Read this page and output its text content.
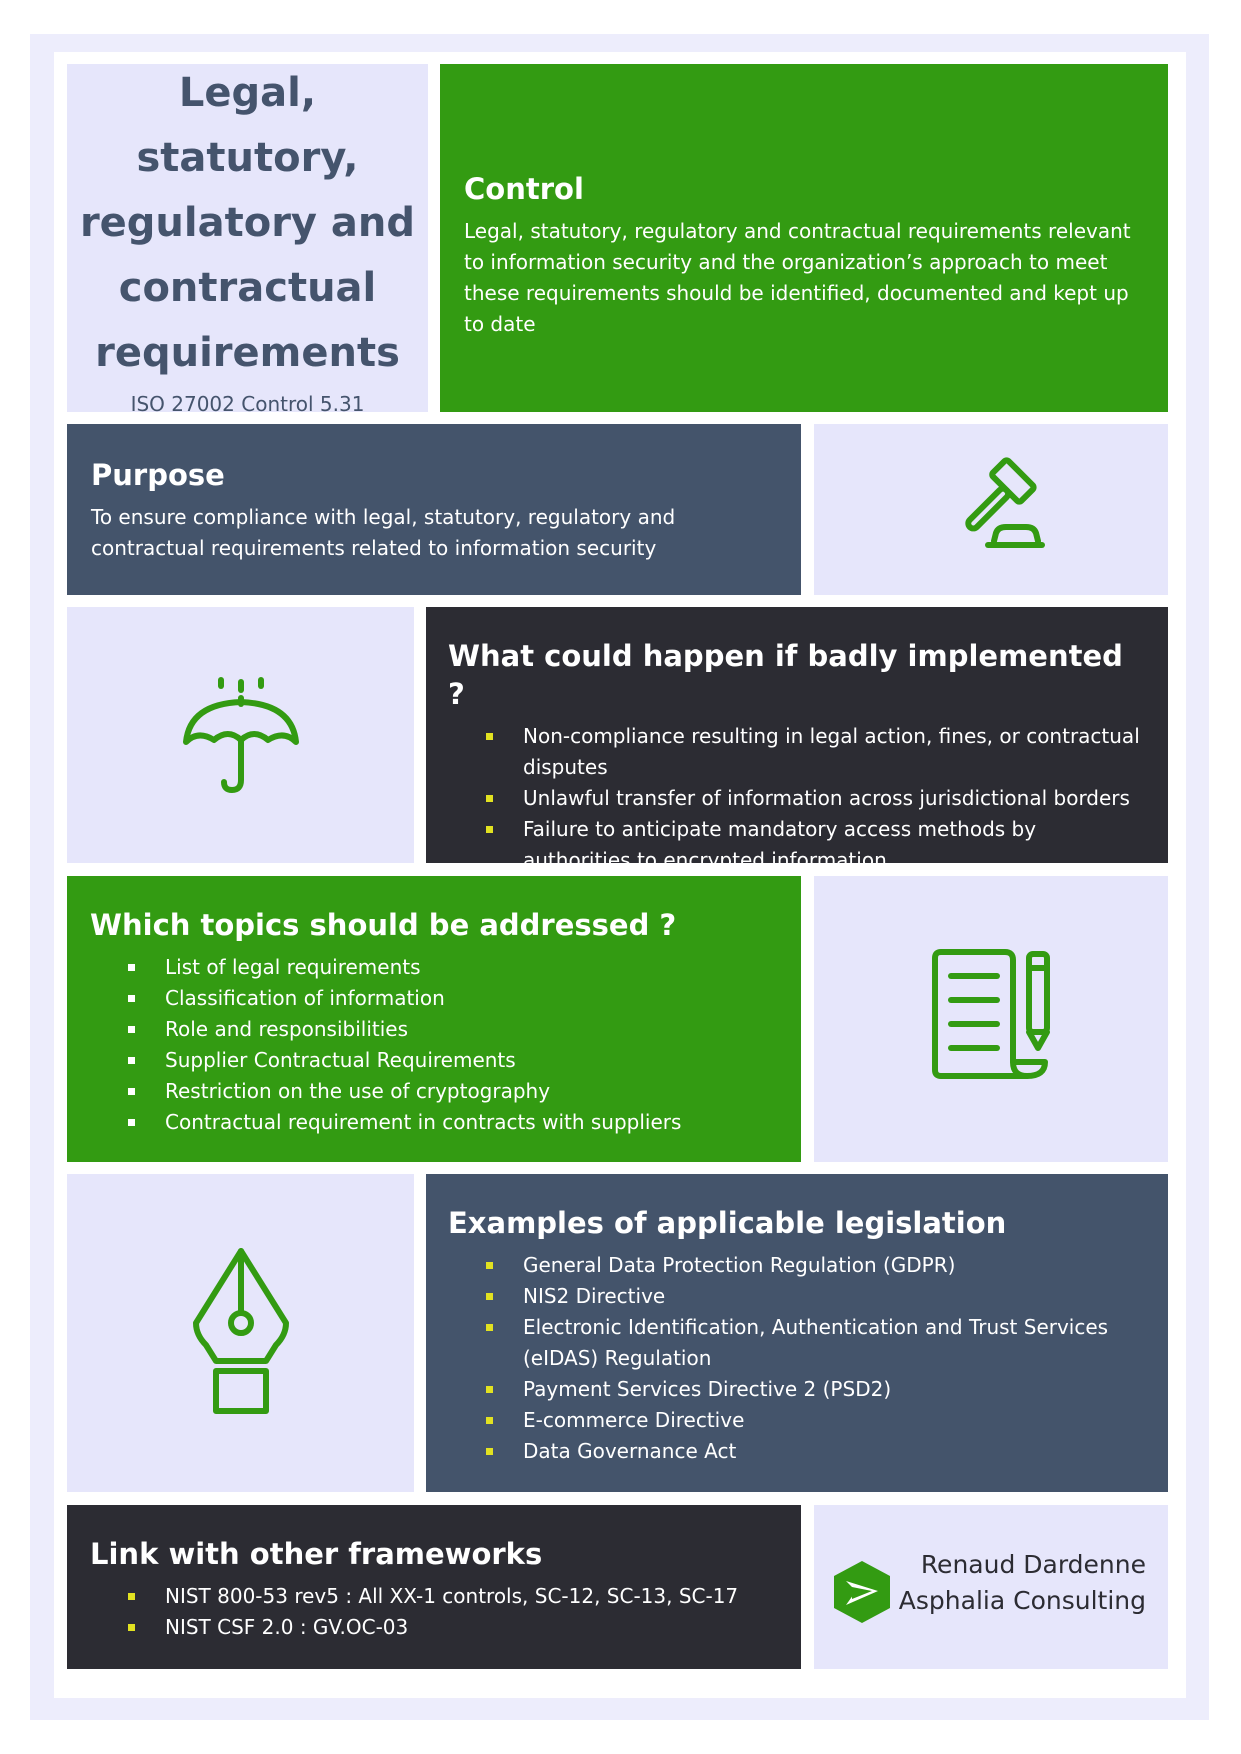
Legal, statutory, regulatory and contractual requirements
ISO 27002 Control 5.31
Control

Legal, statutory, regulatory and contractual requirements relevant to information security and the organization’s approach to meet these requirements should be identified, documented and kept up to date

Purpose

To ensure compliance with legal, statutory, regulatory and contractual requirements related to information security

What could happen if badly implemented ?
Non-compliance resulting in legal action, fines, or contractual disputes
Unlawful transfer of information across jurisdictional borders
Failure to anticipate mandatory access methods by authorities to encrypted information
Which topics should be addressed ?
List of legal requirements
Classification of information
Role and responsibilities
Supplier Contractual Requirements
Restriction on the use of cryptography
Contractual requirement in contracts with suppliers
Examples of applicable legislation
General Data Protection Regulation (GDPR)
NIS2 Directive
Electronic Identification, Authentication and Trust Services (eIDAS) Regulation
Payment Services Directive 2 (PSD2)
E-commerce Directive
Data Governance Act
Link with other frameworks
NIST 800-53 rev5 : All XX-1 controls, SC-12, SC-13, SC-17
NIST CSF 2.0 : GV.OC-03
Renaud Dardenne
Asphalia Consulting
